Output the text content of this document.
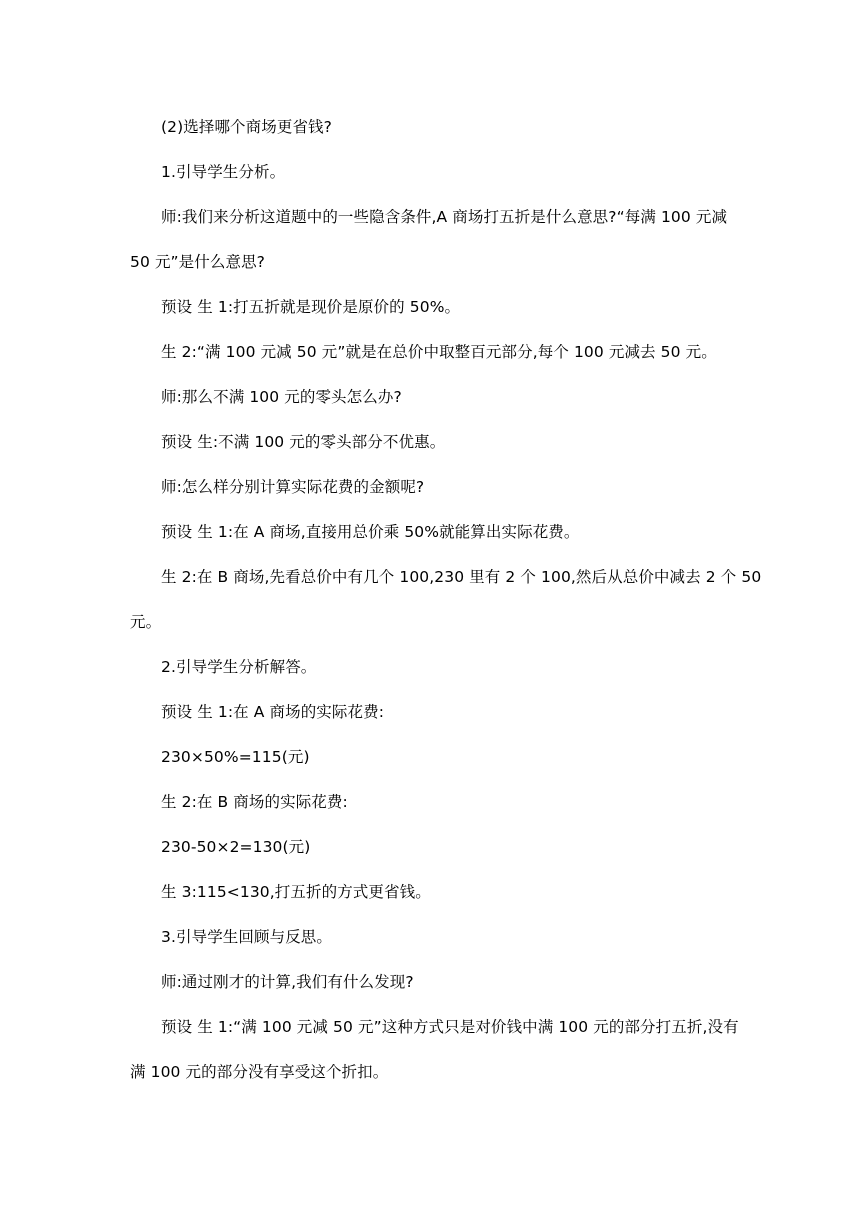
(2)选择哪个商场更省钱?
1.引导学生分析。
师:我们来分析这道题中的一些隐含条件,A 商场打五折是什么意思?“每满 100 元减
50 元”是什么意思?
预设 生 1:打五折就是现价是原价的 50%。
生 2:“满 100 元减 50 元”就是在总价中取整百元部分,每个 100 元减去 50 元。
师:那么不满 100 元的零头怎么办?
预设 生:不满 100 元的零头部分不优惠。
师:怎么样分别计算实际花费的金额呢?
预设 生 1:在 A 商场,直接用总价乘 50%就能算出实际花费。
生 2:在 B 商场,先看总价中有几个 100,230 里有 2 个 100,然后从总价中减去 2 个 50
元。
2.引导学生分析解答。
预设 生 1:在 A 商场的实际花费:
230×50%=115(元)
生 2:在 B 商场的实际花费:
230-50×2=130(元)
生 3:115<130,打五折的方式更省钱。
3.引导学生回顾与反思。
师:通过刚才的计算,我们有什么发现?
预设 生 1:“满 100 元减 50 元”这种方式只是对价钱中满 100 元的部分打五折,没有
满 100 元的部分没有享受这个折扣。
